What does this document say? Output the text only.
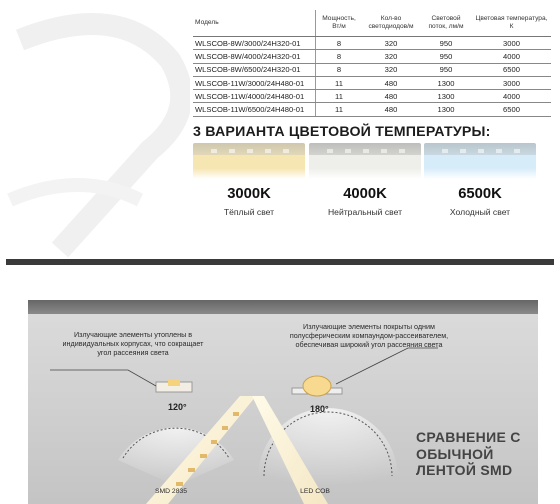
Модель	Мощность, Вт/м	Кол-во светодиодов/м	Световой поток, лм/м	Цветовая температура, К
WLSCOB-8W/3000/24H320-01	8	320	950	3000
WLSCOB-8W/4000/24H320-01	8	320	950	4000
WLSCOB-8W/6500/24H320-01	8	320	950	6500
WLSCOB-11W/3000/24H480-01	11	480	1300	3000
WLSCOB-11W/4000/24H480-01	11	480	1300	4000
WLSCOB-11W/6500/24H480-01	11	480	1300	6500
3 ВАРИАНТА ЦВЕТОВОЙ ТЕМПЕРАТУРЫ:
3000K
Тёплый свет
4000K
Нейтральный свет
6500K
Холодный свет
Излучающие элементы утоплены в индивидуальных корпусах, что сокращает угол рассеяния света
Излучающие элементы покрыты одним полусферическим компаундом-рассеивателем, обеспечивая широкий угол рассеяния света
120°	180°
SMD 2835	LED COB
СРАВНЕНИЕ С ОБЫЧНОЙ ЛЕНТОЙ SMD
